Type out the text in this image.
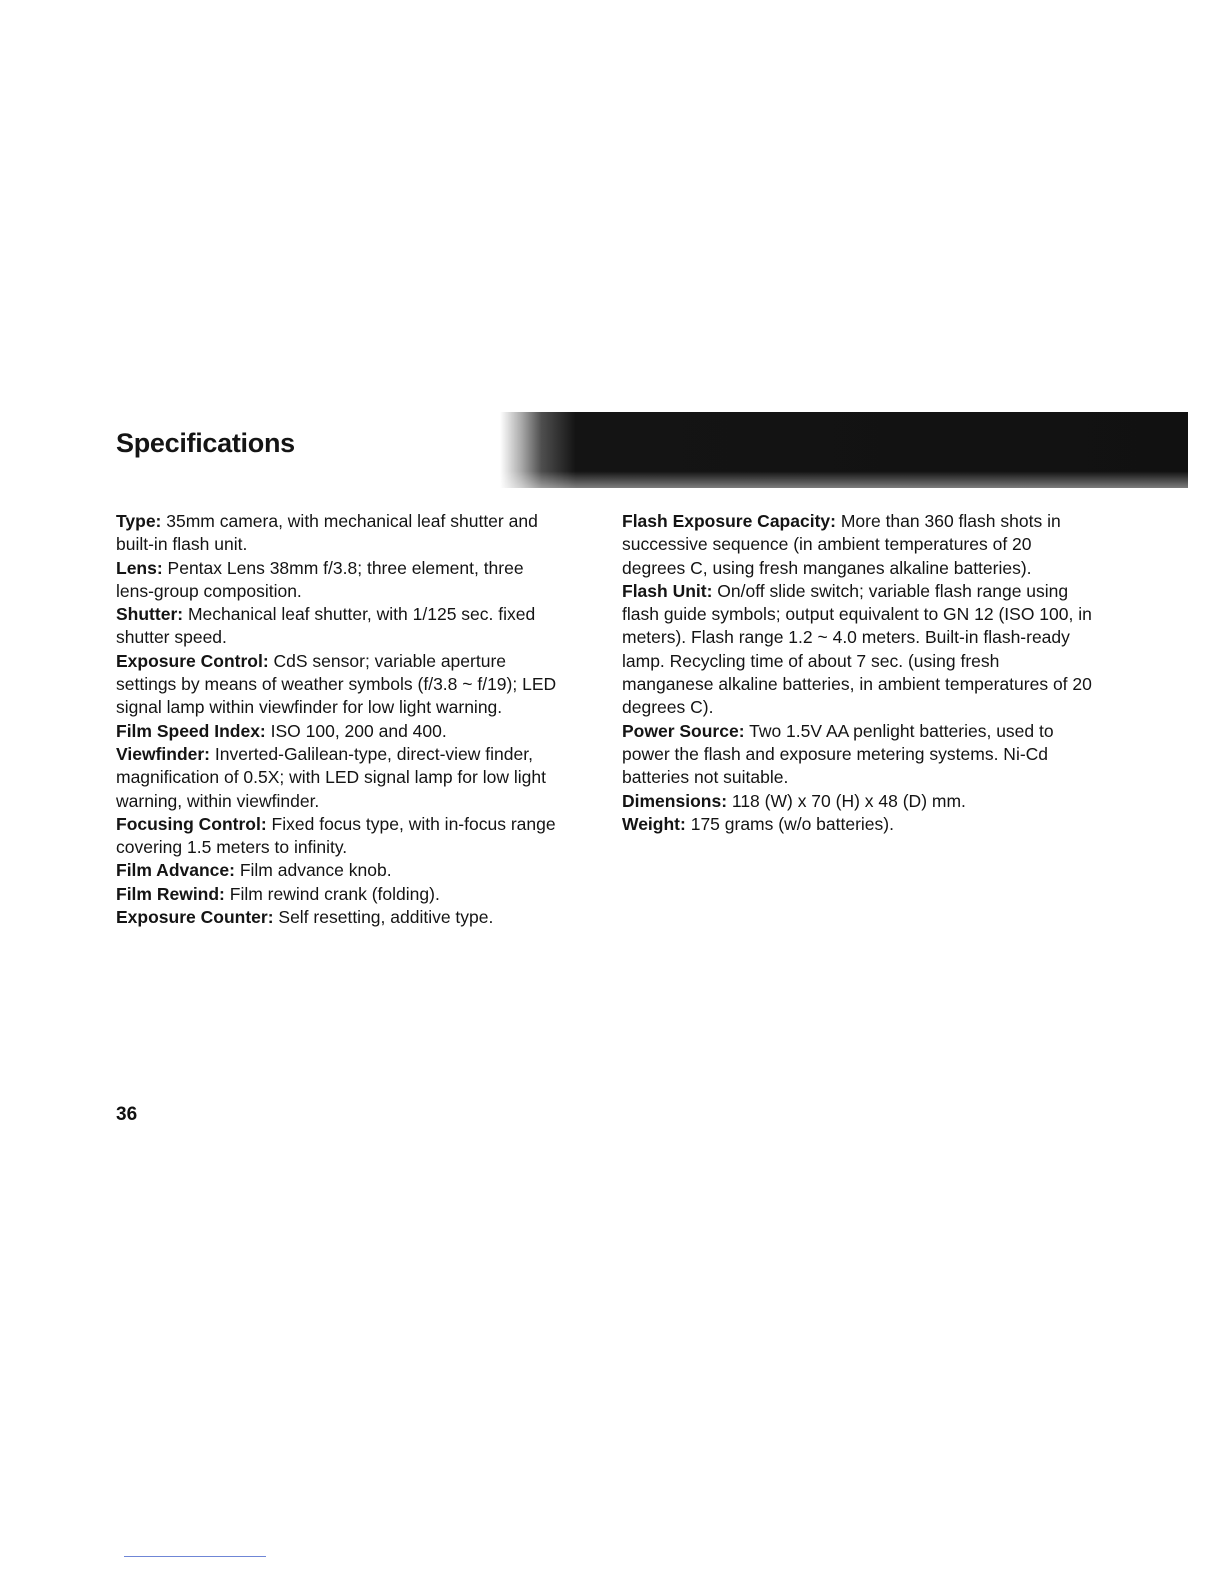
Specifications

Type: 35mm camera, with mechanical leaf shutter and built-in flash unit.

Lens: Pentax Lens 38mm f/3.8; three element, three lens-group composition.

Shutter: Mechanical leaf shutter, with 1/125 sec. fixed shutter speed.

Exposure Control: CdS sensor; variable aperture settings by means of weather symbols (f/3.8 ~ f/19); LED signal lamp within viewfinder for low light warning.

Film Speed Index: ISO 100, 200 and 400.

Viewfinder: Inverted-Galilean-type, direct-view finder, magnification of 0.5X; with LED signal lamp for low light warning, within viewfinder.

Focusing Control: Fixed focus type, with in-focus range covering 1.5 meters to infinity.

Film Advance: Film advance knob.

Film Rewind: Film rewind crank (folding).

Exposure Counter: Self resetting, additive type.

Flash Exposure Capacity: More than 360 flash shots in successive sequence (in ambient temperatures of 20 degrees C, using fresh manganes alkaline batteries).

Flash Unit: On/off slide switch; variable flash range using flash guide symbols; output equivalent to GN 12 (ISO 100, in meters). Flash range 1.2 ~ 4.0 meters. Built-in flash-ready lamp. Recycling time of about 7 sec. (using fresh manganese alkaline batteries, in ambient temperatures of 20 degrees C).

Power Source: Two 1.5V AA penlight batteries, used to power the flash and exposure metering systems. Ni-Cd batteries not suitable.

Dimensions: 118 (W) x 70 (H) x 48 (D) mm.

Weight: 175 grams (w/o batteries).

36
